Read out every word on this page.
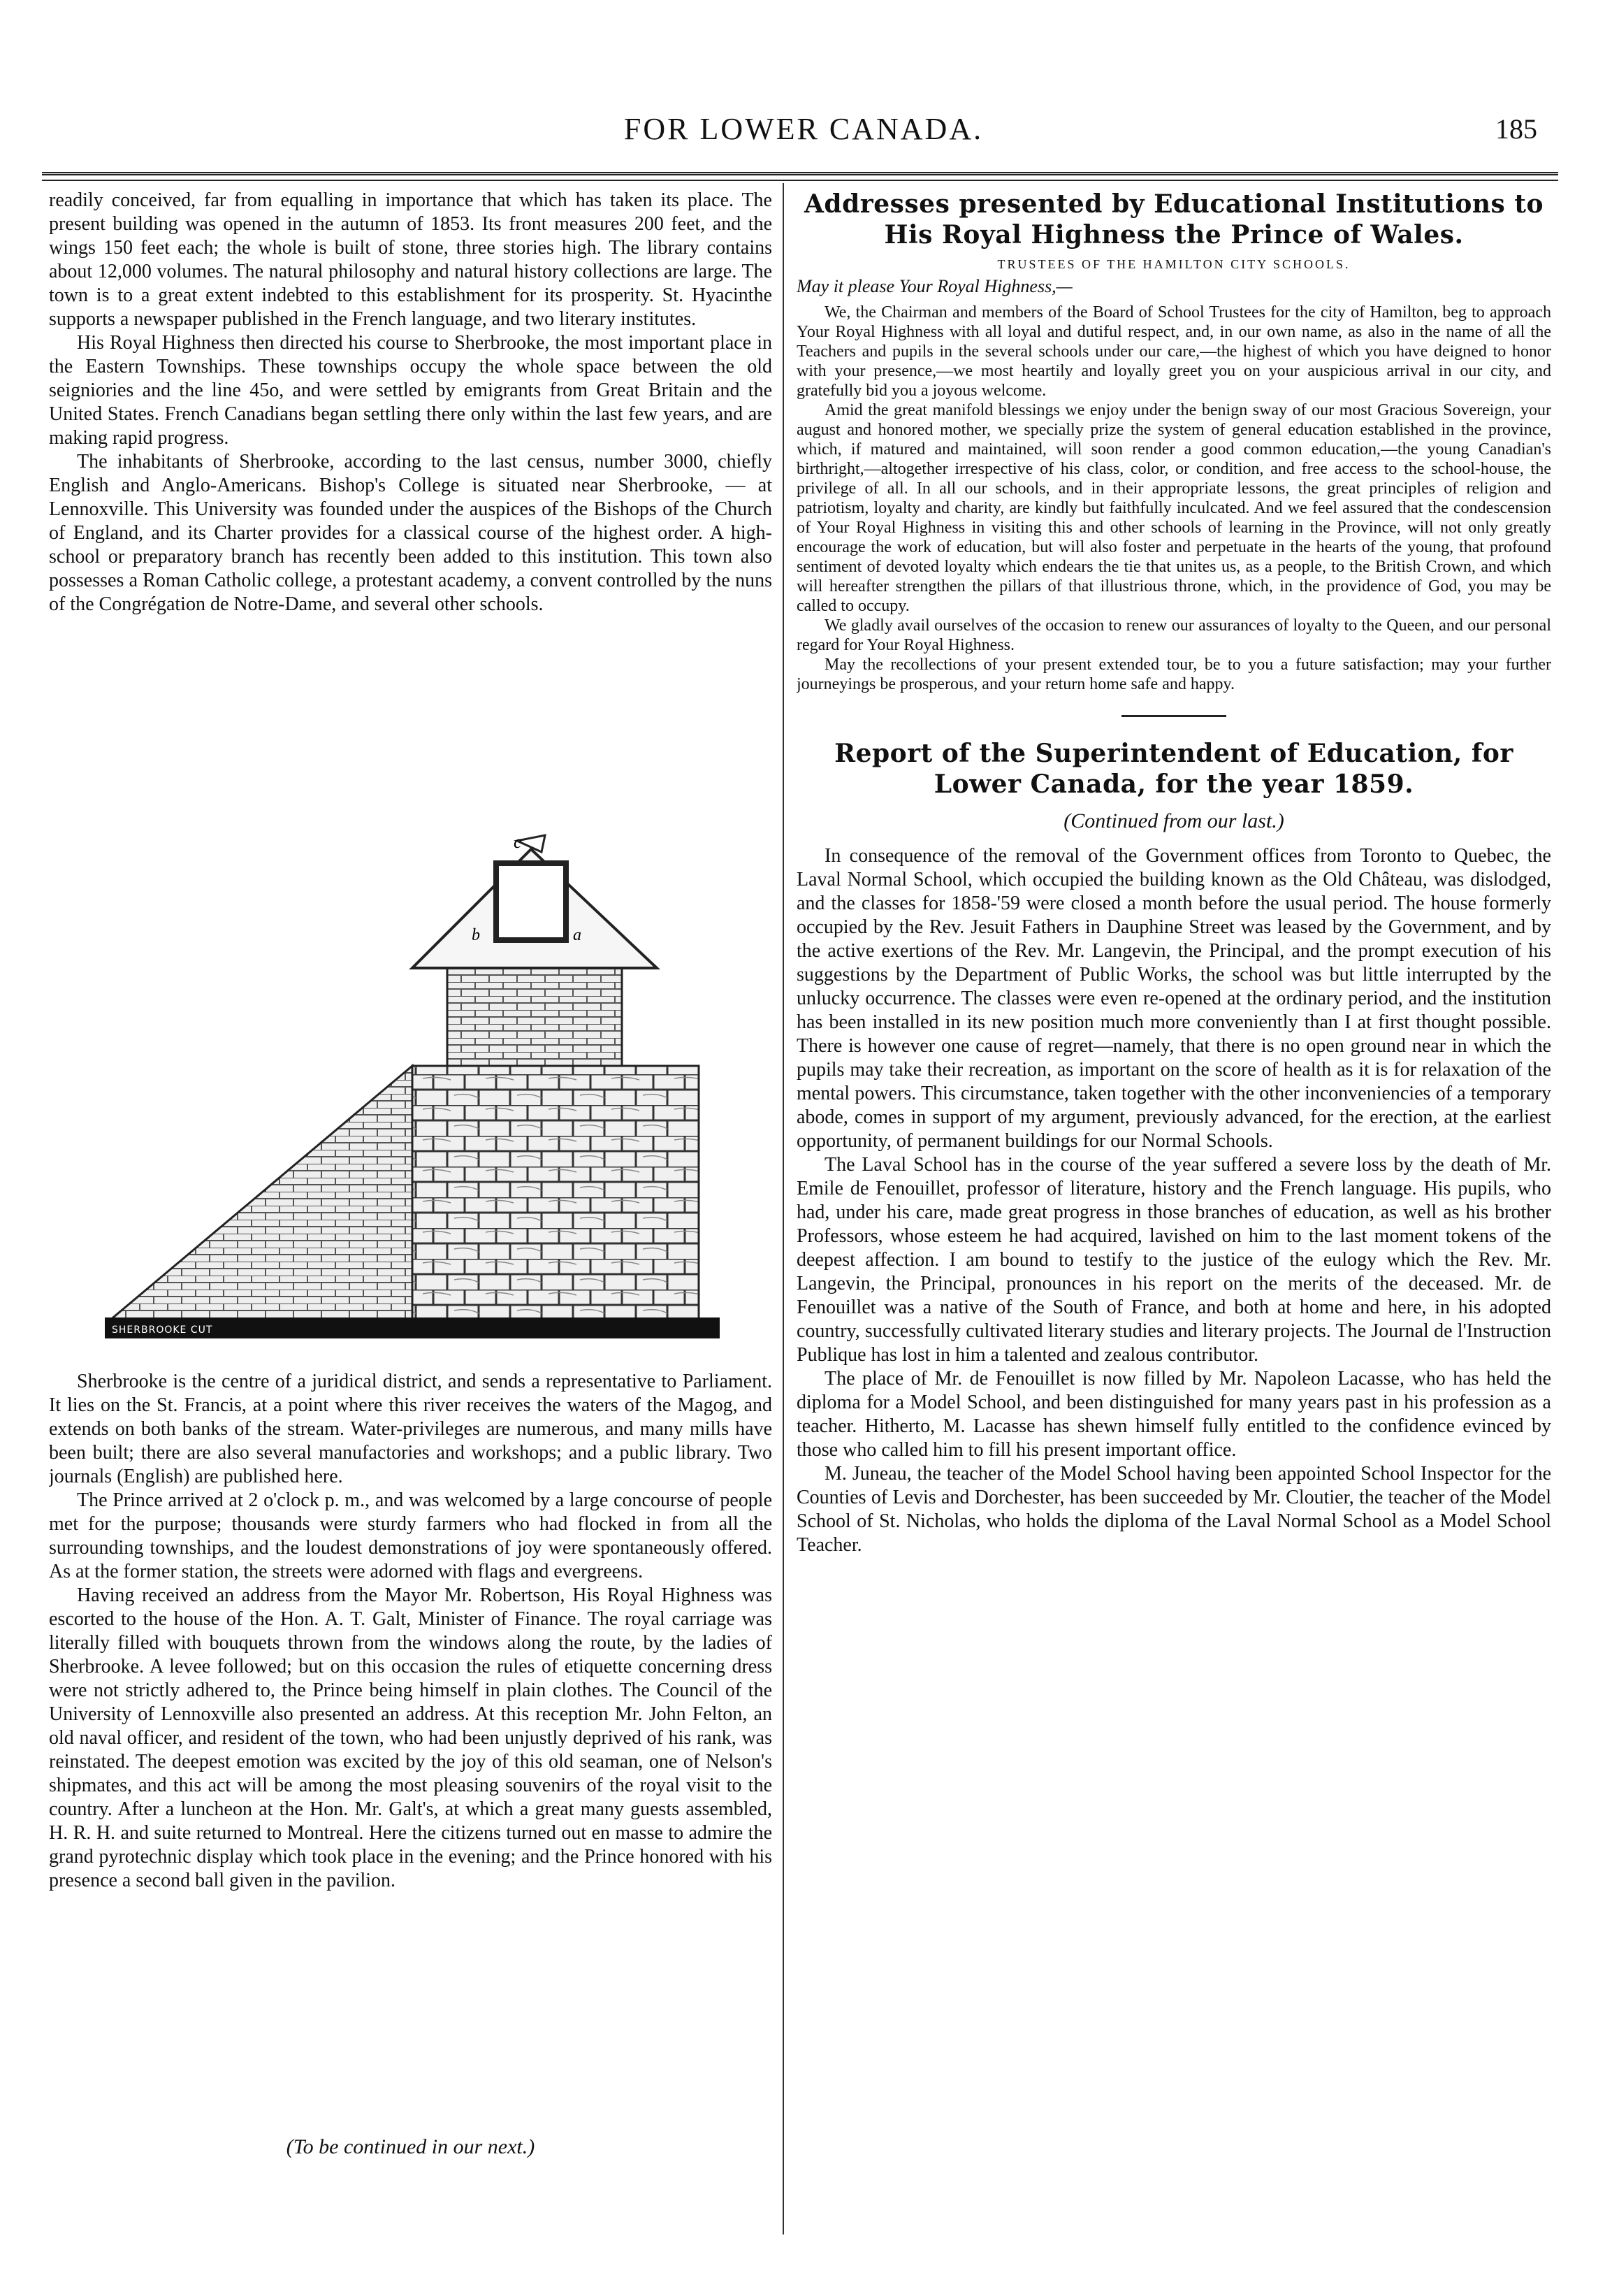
FOR LOWER CANADA.	185

readily conceived, far from equalling in importance that which has taken its place. The present building was opened in the autumn of 1853. Its front measures 200 feet, and the wings 150 feet each; the whole is built of stone, three stories high. The library contains about 12,000 volumes. The natural philosophy and natural history collections are large. The town is to a great extent indebted to this establishment for its prosperity. St. Hyacinthe supports a newspaper published in the French language, and two literary institutes.

His Royal Highness then directed his course to Sherbrooke, the most important place in the Eastern Townships. These townships occupy the whole space between the old seigniories and the line 45o, and were settled by emigrants from Great Britain and the United States. French Canadians began settling there only within the last few years, and are making rapid progress.

The inhabitants of Sherbrooke, according to the last census, number 3000, chiefly English and Anglo-Americans. Bishop's College is situated near Sherbrooke, — at Lennoxville. This University was founded under the auspices of the Bishops of the Church of England, and its Charter provides for a classical course of the highest order. A high-school or preparatory branch has recently been added to this institution. This town also possesses a Roman Catholic college, a protestant academy, a convent controlled by the nuns of the Congrégation de Notre-Dame, and several other schools.

c
b	a
SHERBROOKE CUT

Sherbrooke is the centre of a juridical district, and sends a representative to Parliament. It lies on the St. Francis, at a point where this river receives the waters of the Magog, and extends on both banks of the stream. Water-privileges are numerous, and many mills have been built; there are also several manufactories and workshops; and a public library. Two journals (English) are published here.

The Prince arrived at 2 o'clock p. m., and was welcomed by a large concourse of people met for the purpose; thousands were sturdy farmers who had flocked in from all the surrounding townships, and the loudest demonstrations of joy were spontaneously offered. As at the former station, the streets were adorned with flags and evergreens.

Having received an address from the Mayor Mr. Robertson, His Royal Highness was escorted to the house of the Hon. A. T. Galt, Minister of Finance. The royal carriage was literally filled with bouquets thrown from the windows along the route, by the ladies of Sherbrooke. A levee followed; but on this occasion the rules of etiquette concerning dress were not strictly adhered to, the Prince being himself in plain clothes. The Council of the University of Lennoxville also presented an address. At this reception Mr. John Felton, an old naval officer, and resident of the town, who had been unjustly deprived of his rank, was reinstated. The deepest emotion was excited by the joy of this old seaman, one of Nelson's shipmates, and this act will be among the most pleasing souvenirs of the royal visit to the country. After a luncheon at the Hon. Mr. Galt's, at which a great many guests assembled, H. R. H. and suite returned to Montreal. Here the citizens turned out en masse to admire the grand pyrotechnic display which took place in the evening; and the Prince honored with his presence a second ball given in the pavilion.

(To be continued in our next.)
Addresses presented by Educational Institutions to His Royal Highness the Prince of Wales.
TRUSTEES OF THE HAMILTON CITY SCHOOLS.
May it please Your Royal Highness,—

We, the Chairman and members of the Board of School Trustees for the city of Hamilton, beg to approach Your Royal Highness with all loyal and dutiful respect, and, in our own name, as also in the name of all the Teachers and pupils in the several schools under our care,—the highest of which you have deigned to honor with your presence,—we most heartily and loyally greet you on your auspicious arrival in our city, and gratefully bid you a joyous welcome.

Amid the great manifold blessings we enjoy under the benign sway of our most Gracious Sovereign, your august and honored mother, we specially prize the system of general education established in the province, which, if matured and maintained, will soon render a good common education,—the young Canadian's birthright,—altogether irrespective of his class, color, or condition, and free access to the school-house, the privilege of all. In all our schools, and in their appropriate lessons, the great principles of religion and patriotism, loyalty and charity, are kindly but faithfully inculcated. And we feel assured that the condescension of Your Royal Highness in visiting this and other schools of learning in the Province, will not only greatly encourage the work of education, but will also foster and perpetuate in the hearts of the young, that profound sentiment of devoted loyalty which endears the tie that unites us, as a people, to the British Crown, and which will hereafter strengthen the pillars of that illustrious throne, which, in the providence of God, you may be called to occupy.

We gladly avail ourselves of the occasion to renew our assurances of loyalty to the Queen, and our personal regard for Your Royal Highness.

May the recollections of your present extended tour, be to you a future satisfaction; may your further journeyings be prosperous, and your return home safe and happy.

Report of the Superintendent of Education, for Lower Canada, for the year 1859.
(Continued from our last.)

In consequence of the removal of the Government offices from Toronto to Quebec, the Laval Normal School, which occupied the building known as the Old Château, was dislodged, and the classes for 1858-'59 were closed a month before the usual period. The house formerly occupied by the Rev. Jesuit Fathers in Dauphine Street was leased by the Government, and by the active exertions of the Rev. Mr. Langevin, the Principal, and the prompt execution of his suggestions by the Department of Public Works, the school was but little interrupted by the unlucky occurrence. The classes were even re-opened at the ordinary period, and the institution has been installed in its new position much more conveniently than I at first thought possible. There is however one cause of regret—namely, that there is no open ground near in which the pupils may take their recreation, as important on the score of health as it is for relaxation of the mental powers. This circumstance, taken together with the other inconveniencies of a temporary abode, comes in support of my argument, previously advanced, for the erection, at the earliest opportunity, of permanent buildings for our Normal Schools.

The Laval School has in the course of the year suffered a severe loss by the death of Mr. Emile de Fenouillet, professor of literature, history and the French language. His pupils, who had, under his care, made great progress in those branches of education, as well as his brother Professors, whose esteem he had acquired, lavished on him to the last moment tokens of the deepest affection. I am bound to testify to the justice of the eulogy which the Rev. Mr. Langevin, the Principal, pronounces in his report on the merits of the deceased. Mr. de Fenouillet was a native of the South of France, and both at home and here, in his adopted country, successfully cultivated literary studies and literary projects. The Journal de l'Instruction Publique has lost in him a talented and zealous contributor.

The place of Mr. de Fenouillet is now filled by Mr. Napoleon Lacasse, who has held the diploma for a Model School, and been distinguished for many years past in his profession as a teacher. Hitherto, M. Lacasse has shewn himself fully entitled to the confidence evinced by those who called him to fill his present important office.

M. Juneau, the teacher of the Model School having been appointed School Inspector for the Counties of Levis and Dorchester, has been succeeded by Mr. Cloutier, the teacher of the Model School of St. Nicholas, who holds the diploma of the Laval Normal School as a Model School Teacher.
